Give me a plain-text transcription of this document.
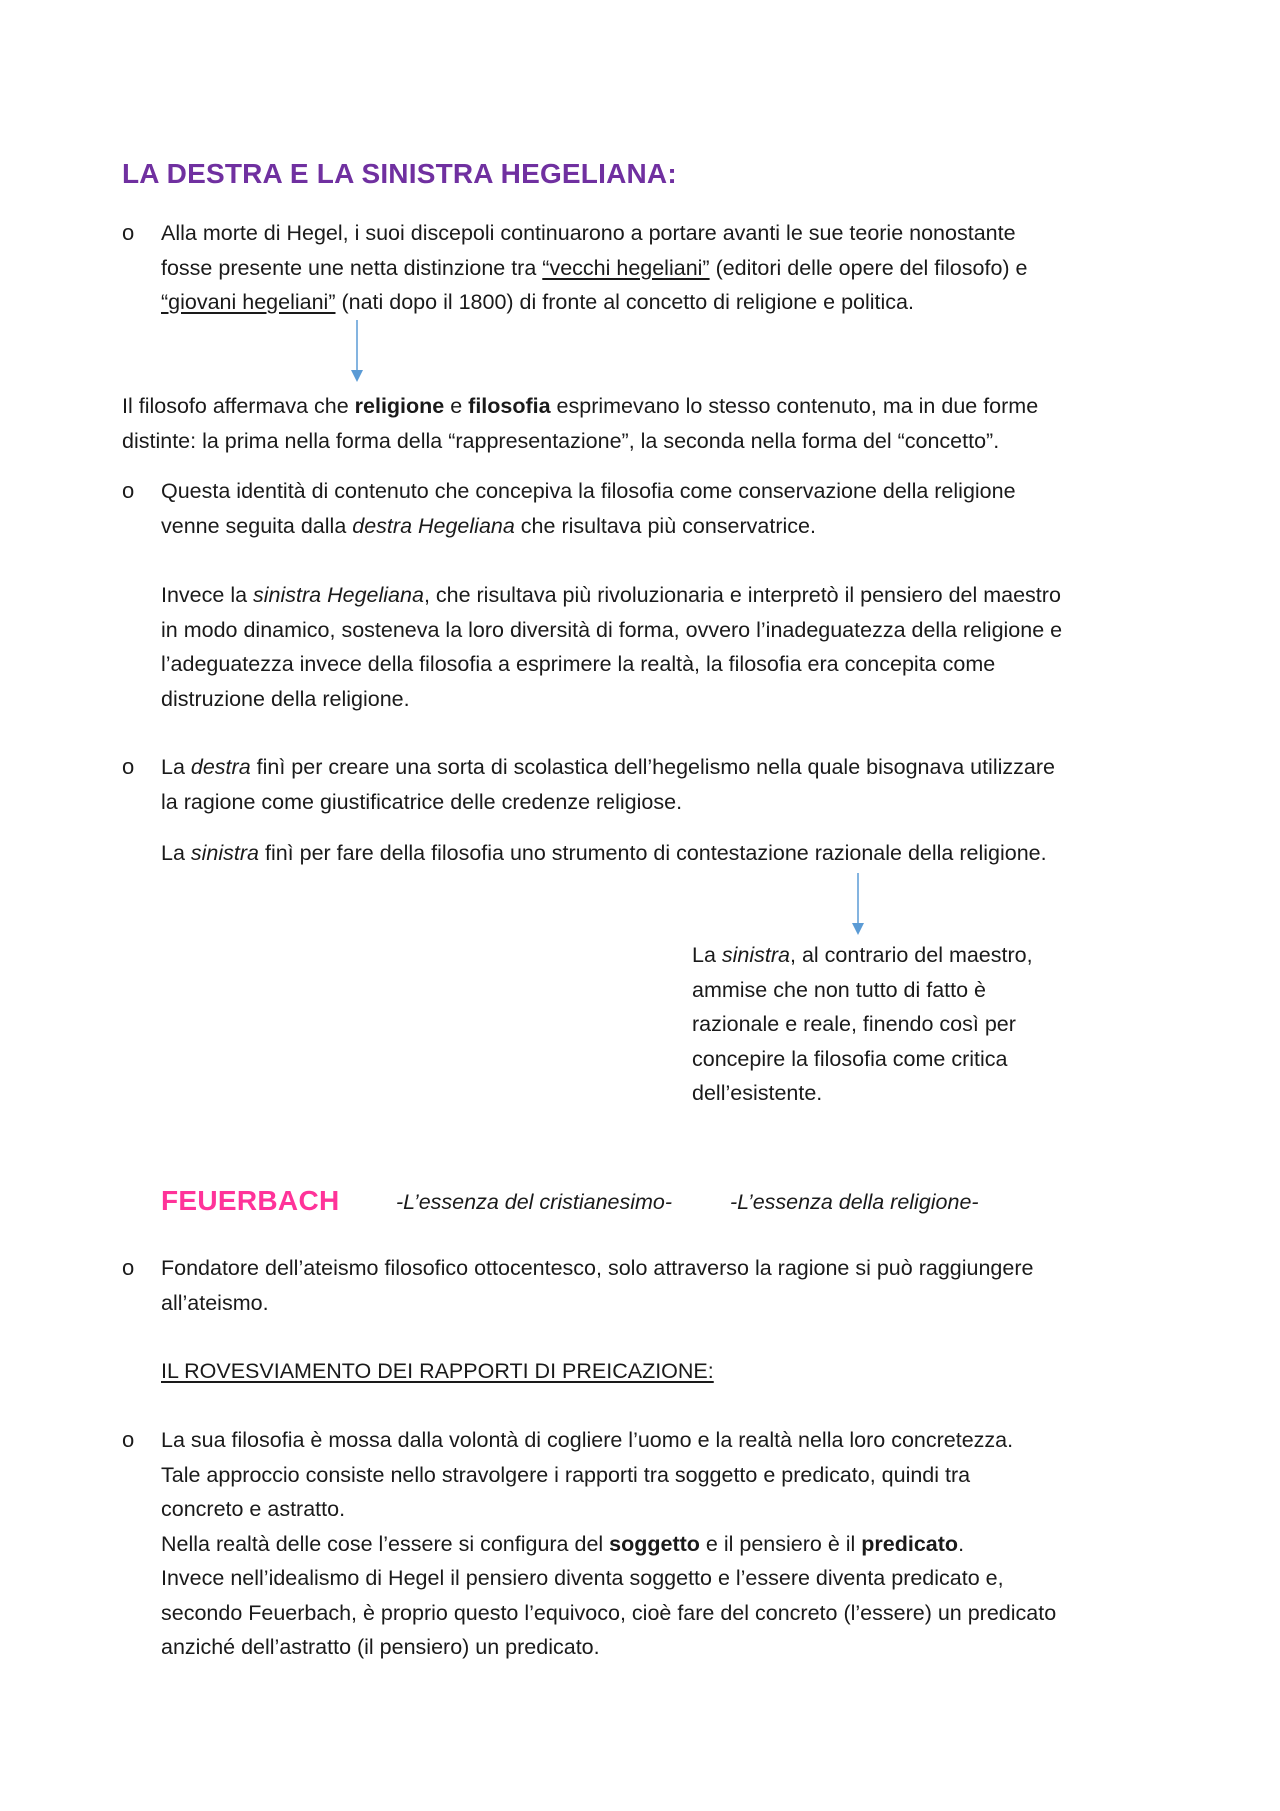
LA DESTRA E LA SINISTRA HEGELIANA:
o Alla morte di Hegel, i suoi discepoli continuarono a portare avanti le sue teorie nonostante
fosse presente une netta distinzione tra “vecchi hegeliani” (editori delle opere del filosofo) e
“giovani hegeliani” (nati dopo il 1800) di fronte al concetto di religione e politica.
Il filosofo affermava che religione e filosofia esprimevano lo stesso contenuto, ma in due forme
distinte: la prima nella forma della “rappresentazione”, la seconda nella forma del “concetto”.
o Questa identità di contenuto che concepiva la filosofia come conservazione della religione
venne seguita dalla destra Hegeliana che risultava più conservatrice.
Invece la sinistra Hegeliana, che risultava più rivoluzionaria e interpretò il pensiero del maestro
in modo dinamico, sosteneva la loro diversità di forma, ovvero l’inadeguatezza della religione e
l’adeguatezza invece della filosofia a esprimere la realtà, la filosofia era concepita come
distruzione della religione.
o La destra finì per creare una sorta di scolastica dell’hegelismo nella quale bisognava utilizzare
la ragione come giustificatrice delle credenze religiose.
La sinistra finì per fare della filosofia uno strumento di contestazione razionale della religione.
La sinistra, al contrario del maestro,
ammise che non tutto di fatto è
razionale e reale, finendo così per
concepire la filosofia come critica
dell’esistente.
FEUERBACH	-L’essenza del cristianesimo-	-L’essenza della religione-
o Fondatore dell’ateismo filosofico ottocentesco, solo attraverso la ragione si può raggiungere
all’ateismo.
IL ROVESVIAMENTO DEI RAPPORTI DI PREICAZIONE:
o La sua filosofia è mossa dalla volontà di cogliere l’uomo e la realtà nella loro concretezza.
Tale approccio consiste nello stravolgere i rapporti tra soggetto e predicato, quindi tra
concreto e astratto.
Nella realtà delle cose l’essere si configura del soggetto e il pensiero è il predicato.
Invece nell’idealismo di Hegel il pensiero diventa soggetto e l’essere diventa predicato e,
secondo Feuerbach, è proprio questo l’equivoco, cioè fare del concreto (l’essere) un predicato
anziché dell’astratto (il pensiero) un predicato.
